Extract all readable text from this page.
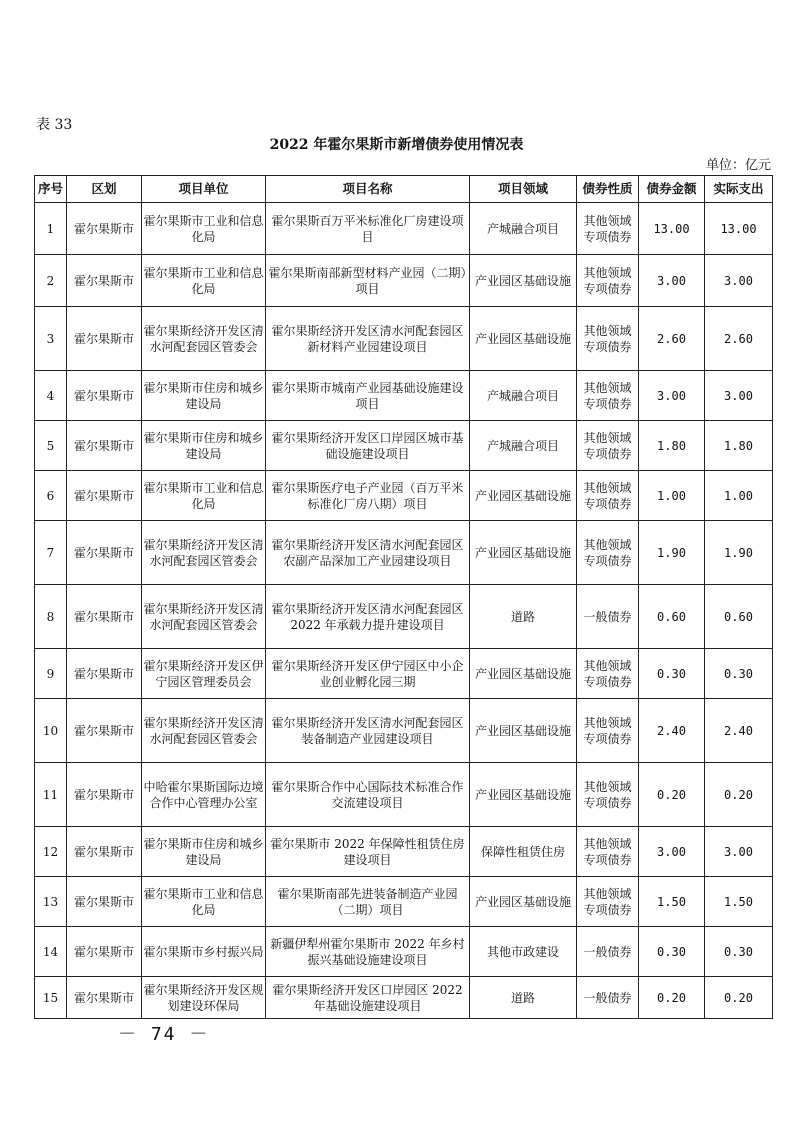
表 33
2022 年霍尔果斯市新增债券使用情况表
单位：亿元
序号	区划	项目单位	项目名称	项目领域	债券性质	债券金额	实际支出
1	霍尔果斯市	霍尔果斯市工业和信息化局	霍尔果斯百万平米标准化厂房建设项目	产城融合项目	其他领域专项债券	13.00	13.00
2	霍尔果斯市	霍尔果斯市工业和信息化局	霍尔果斯南部新型材料产业园（二期）项目	产业园区基础设施	其他领域专项债券	3.00	3.00
3	霍尔果斯市	霍尔果斯经济开发区清水河配套园区管委会	霍尔果斯经济开发区清水河配套园区新材料产业园建设项目	产业园区基础设施	其他领域专项债券	2.60	2.60
4	霍尔果斯市	霍尔果斯市住房和城乡建设局	霍尔果斯市城南产业园基础设施建设项目	产城融合项目	其他领域专项债券	3.00	3.00
5	霍尔果斯市	霍尔果斯市住房和城乡建设局	霍尔果斯经济开发区口岸园区城市基础设施建设项目	产城融合项目	其他领域专项债券	1.80	1.80
6	霍尔果斯市	霍尔果斯市工业和信息化局	霍尔果斯医疗电子产业园（百万平米标准化厂房八期）项目	产业园区基础设施	其他领域专项债券	1.00	1.00
7	霍尔果斯市	霍尔果斯经济开发区清水河配套园区管委会	霍尔果斯经济开发区清水河配套园区农副产品深加工产业园建设项目	产业园区基础设施	其他领域专项债券	1.90	1.90
8	霍尔果斯市	霍尔果斯经济开发区清水河配套园区管委会	霍尔果斯经济开发区清水河配套园区 2022 年承载力提升建设项目	道路	一般债券	0.60	0.60
9	霍尔果斯市	霍尔果斯经济开发区伊宁园区管理委员会	霍尔果斯经济开发区伊宁园区中小企业创业孵化园三期	产业园区基础设施	其他领域专项债券	0.30	0.30
10	霍尔果斯市	霍尔果斯经济开发区清水河配套园区管委会	霍尔果斯经济开发区清水河配套园区装备制造产业园建设项目	产业园区基础设施	其他领域专项债券	2.40	2.40
11	霍尔果斯市	中哈霍尔果斯国际边境合作中心管理办公室	霍尔果斯合作中心国际技术标准合作交流建设项目	产业园区基础设施	其他领域专项债券	0.20	0.20
12	霍尔果斯市	霍尔果斯市住房和城乡建设局	霍尔果斯市 2022 年保障性租赁住房建设项目	保障性租赁住房	其他领域专项债券	3.00	3.00
13	霍尔果斯市	霍尔果斯市工业和信息化局	霍尔果斯南部先进装备制造产业园（二期）项目	产业园区基础设施	其他领域专项债券	1.50	1.50
14	霍尔果斯市	霍尔果斯市乡村振兴局	新疆伊犁州霍尔果斯市 2022 年乡村振兴基础设施建设项目	其他市政建设	一般债券	0.30	0.30
15	霍尔果斯市	霍尔果斯经济开发区规划建设环保局	霍尔果斯经济开发区口岸园区 2022 年基础设施建设项目	道路	一般债券	0.20	0.20
－ 74 －
